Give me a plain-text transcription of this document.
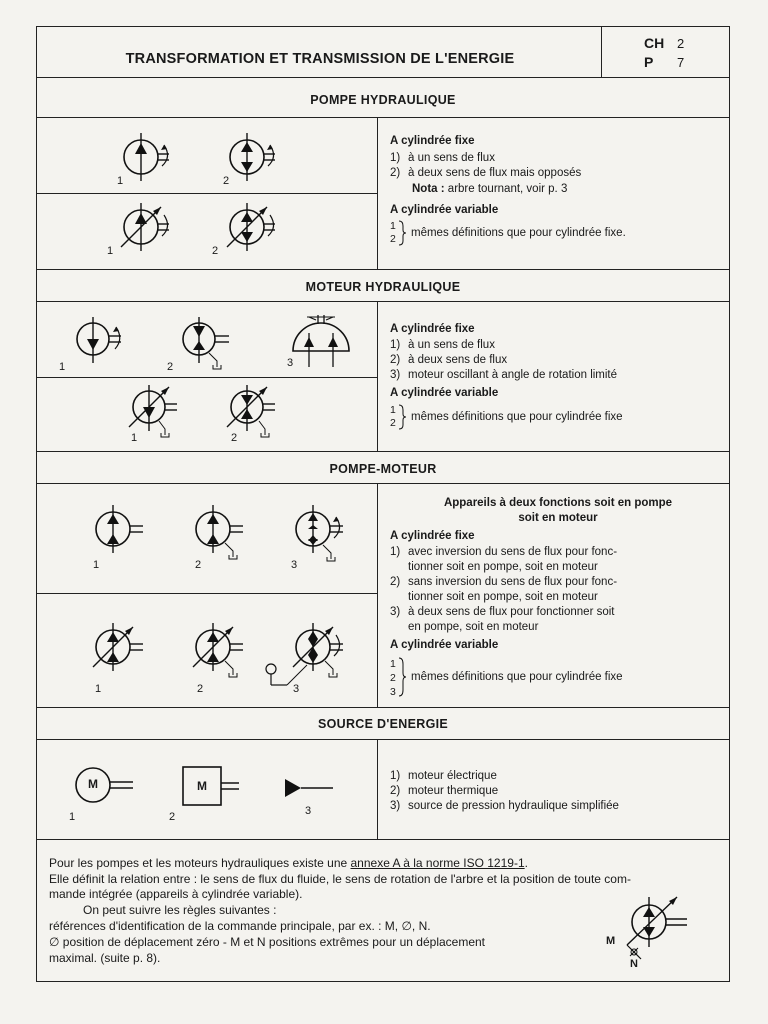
TRANSFORMATION ET TRANSMISSION DE L'ENERGIE
CH 2
P 7
POMPE HYDRAULIQUE
1	2
1	2
A cylindrée fixe
1) à un sens de flux
2) à deux sens de flux mais opposés
Nota : arbre tournant, voir p. 3
A cylindrée variable
1
2 mêmes définitions que pour cylindrée fixe.
MOTEUR HYDRAULIQUE
1	2	3
1	2
A cylindrée fixe
1) à un sens de flux
2) à deux sens de flux
3) moteur oscillant à angle de rotation limité
A cylindrée variable
1
2 mêmes définitions que pour cylindrée fixe
POMPE-MOTEUR
1	2	3
1	2	3
Appareils à deux fonctions soit en pompe
soit en moteur
A cylindrée fixe
1) avec inversion du sens de flux pour fonc-
tionner soit en pompe, soit en moteur
2) sans inversion du sens de flux pour fonc-
tionner soit en pompe, soit en moteur
3) à deux sens de flux pour fonctionner soit
en pompe, soit en moteur
A cylindrée variable
1
2
3
mêmes définitions que pour cylindrée fixe
SOURCE D'ENERGIE
M
1
M
2	3
1) moteur électrique
2) moteur thermique
3) source de pression hydraulique simplifiée
Pour les pompes et les moteurs hydrauliques existe une annexe A à la norme ISO 1219-1.
Elle définit la relation entre : le sens de flux du fluide, le sens de rotation de l'arbre et la position de toute com-
mande intégrée (appareils à cylindrée variable).
On peut suivre les règles suivantes :
références d'identification de la commande principale, par ex. : M, ∅, N.
∅ position de déplacement zéro - M et N positions extrêmes pour un déplacement
maximal. (suite p. 8).
M
N
